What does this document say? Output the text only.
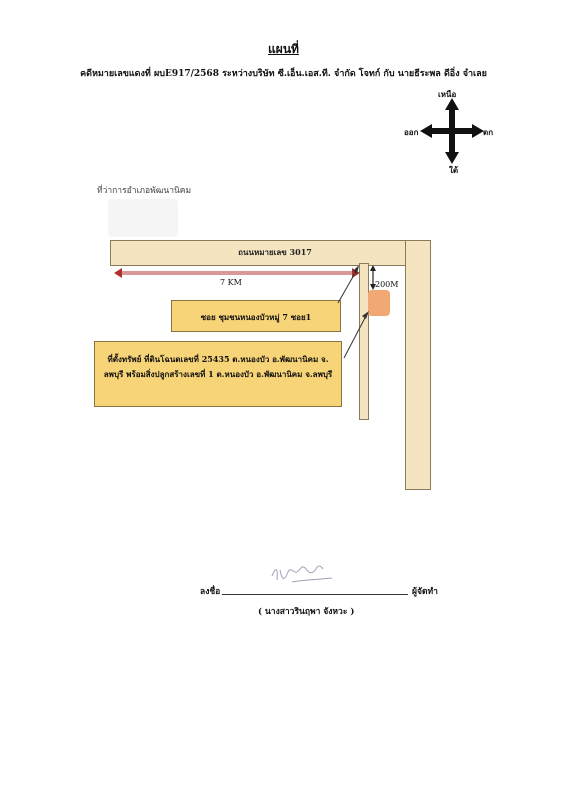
แผนที่
คดีหมายเลขแดงที่ ผบE917/2568 ระหว่างบริษัท ซี.เอ็น.เอส.ที. จำกัด โจทก์ กับ นายธีระพล ดีอิ่ง จำเลย
เหนือ
ใต้
ตก
ออก
ที่ว่าการอำเภอพัฒนานิคม
ถนนหมายเลข 3017
7 KM	200M
ซอย ชุมชนหนองบัวหมู่ 7 ซอย1
ที่ตั้งทรัพย์ ที่ดินโฉนดเลขที่ 25435 ต.หนองบัว อ.พัฒนานิคม จ.
ลพบุรี พร้อมสิ่งปลูกสร้างเลขที่ 1 ต.หนองบัว อ.พัฒนานิคม จ.ลพบุรี
ลงชื่อ	ผู้จัดทำ
( นางสาวรินฤพา จังหวะ )
